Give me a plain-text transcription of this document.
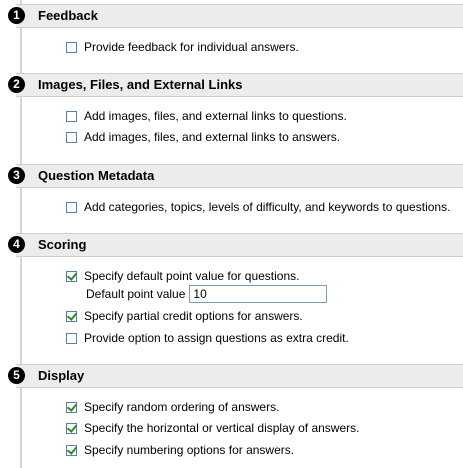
1	Feedback
Provide feedback for individual answers.
2	Images, Files, and External Links
Add images, files, and external links to questions.
Add images, files, and external links to answers.
3	Question Metadata
Add categories, topics, levels of difficulty, and keywords to questions.
4	Scoring
Specify default point value for questions.
Default point value
10
Specify partial credit options for answers.
Provide option to assign questions as extra credit.
5	Display
Specify random ordering of answers.
Specify the horizontal or vertical display of answers.
Specify numbering options for answers.
